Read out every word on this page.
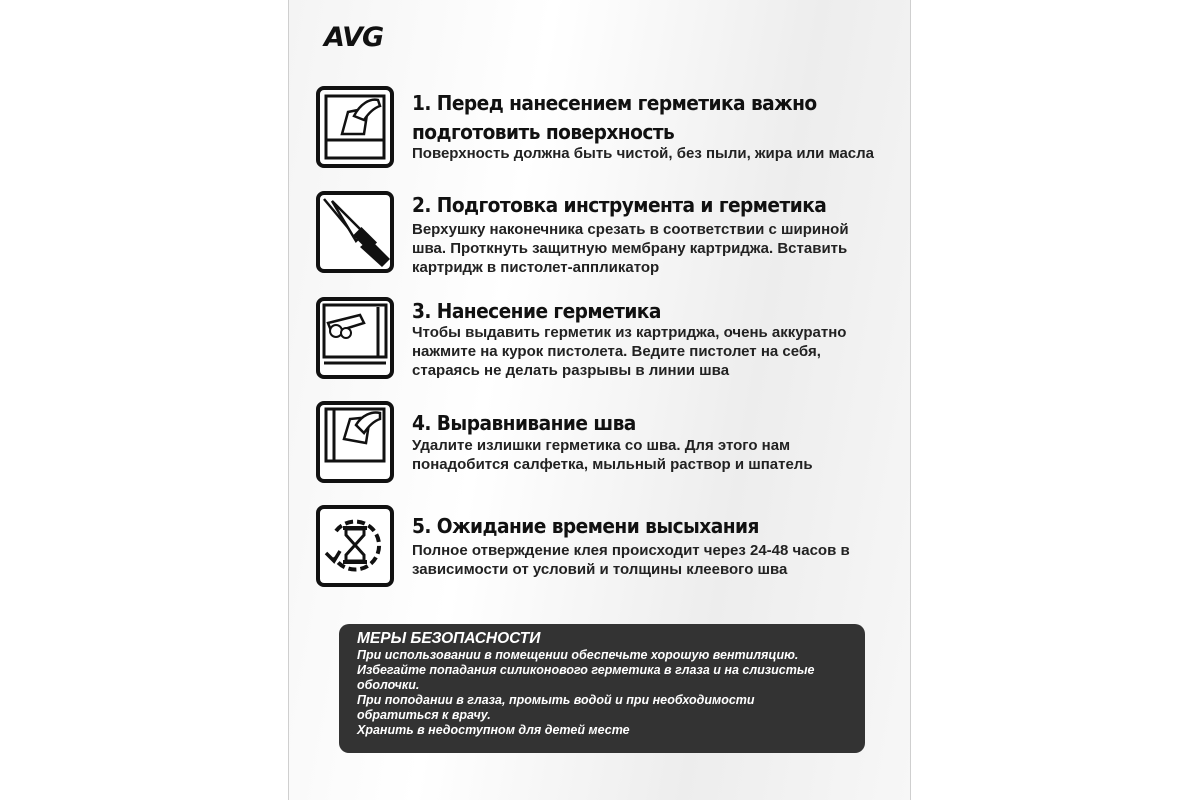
AVG
1. Перед нанесением герметика важно
подготовить поверхность
Поверхность должна быть чистой, без пыли, жира или масла
2. Подготовка инструмента и герметика
Верхушку наконечника срезать в соответствии с шириной
шва. Проткнуть защитную мембрану картриджа. Вставить
картридж в пистолет-аппликатор
3. Нанесение герметика
Чтобы выдавить герметик из картриджа, очень аккуратно
нажмите на курок пистолета. Ведите пистолет на себя,
стараясь не делать разрывы в линии шва
4. Выравнивание шва
Удалите излишки герметика со шва. Для этого нам
понадобится салфетка, мыльный раствор и шпатель
5. Ожидание времени высыхания
Полное отверждение клея происходит через 24-48 часов в
зависимости от условий и толщины клеевого шва
МЕРЫ БЕЗОПАСНОСТИ
При использовании в помещении обеспечьте хорошую вентиляцию.
Избегайте попадания силиконового герметика в глаза и на слизистые
оболочки.
При поподании в глаза, промыть водой и при необходимости
обратиться к врачу.
Хранить в недоступном для детей месте
